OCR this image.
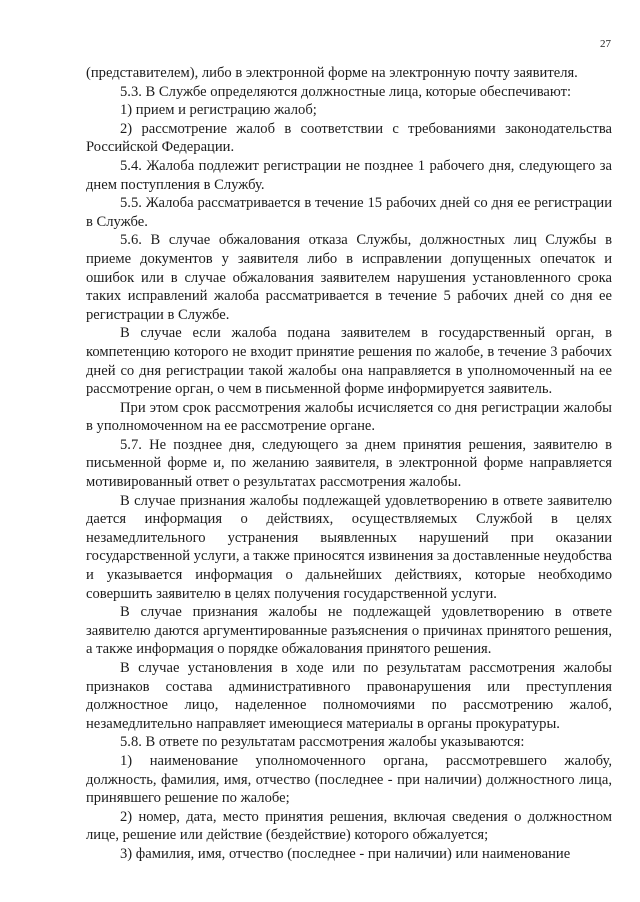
27

(представителем), либо в электронной форме на электронную почту заявителя.

5.3. В Службе определяются должностные лица, которые обеспечивают:

1) прием и регистрацию жалоб;

2) рассмотрение жалоб в соответствии с требованиями законодательства Российской Федерации.

5.4. Жалоба подлежит регистрации не позднее 1 рабочего дня, следующего за днем поступления в Службу.

5.5. Жалоба рассматривается в течение 15 рабочих дней со дня ее регистрации в Службе.

5.6. В случае обжалования отказа Службы, должностных лиц Службы в приеме документов у заявителя либо в исправлении допущенных опечаток и ошибок или в случае обжалования заявителем нарушения установленного срока таких исправлений жалоба рассматривается в течение 5 рабочих дней со дня ее регистрации в Службе.

В случае если жалоба подана заявителем в государственный орган, в компетенцию которого не входит принятие решения по жалобе, в течение 3 рабочих дней со дня регистрации такой жалобы она направляется в уполномоченный на ее рассмотрение орган, о чем в письменной форме информируется заявитель.

При этом срок рассмотрения жалобы исчисляется со дня регистрации жалобы в уполномоченном на ее рассмотрение органе.

5.7. Не позднее дня, следующего за днем принятия решения, заявителю в письменной форме и, по желанию заявителя, в электронной форме направляется мотивированный ответ о результатах рассмотрения жалобы.

В случае признания жалобы подлежащей удовлетворению в ответе заявителю дается информация о действиях, осуществляемых Службой в целях незамедлительного устранения выявленных нарушений при оказании государственной услуги, а также приносятся извинения за доставленные неудобства и указывается информация о дальнейших действиях, которые необходимо совершить заявителю в целях получения государственной услуги.

В случае признания жалобы не подлежащей удовлетворению в ответе заявителю даются аргументированные разъяснения о причинах принятого решения, а также информация о порядке обжалования принятого решения.

В случае установления в ходе или по результатам рассмотрения жалобы признаков состава административного правонарушения или преступления должностное лицо, наделенное полномочиями по рассмотрению жалоб, незамедлительно направляет имеющиеся материалы в органы прокуратуры.

5.8. В ответе по результатам рассмотрения жалобы указываются:

1) наименование уполномоченного органа, рассмотревшего жалобу, должность, фамилия, имя, отчество (последнее - при наличии) должностного лица, принявшего решение по жалобе;

2) номер, дата, место принятия решения, включая сведения о должностном лице, решение или действие (бездействие) которого обжалуется;

3) фамилия, имя, отчество (последнее - при наличии) или наименование
